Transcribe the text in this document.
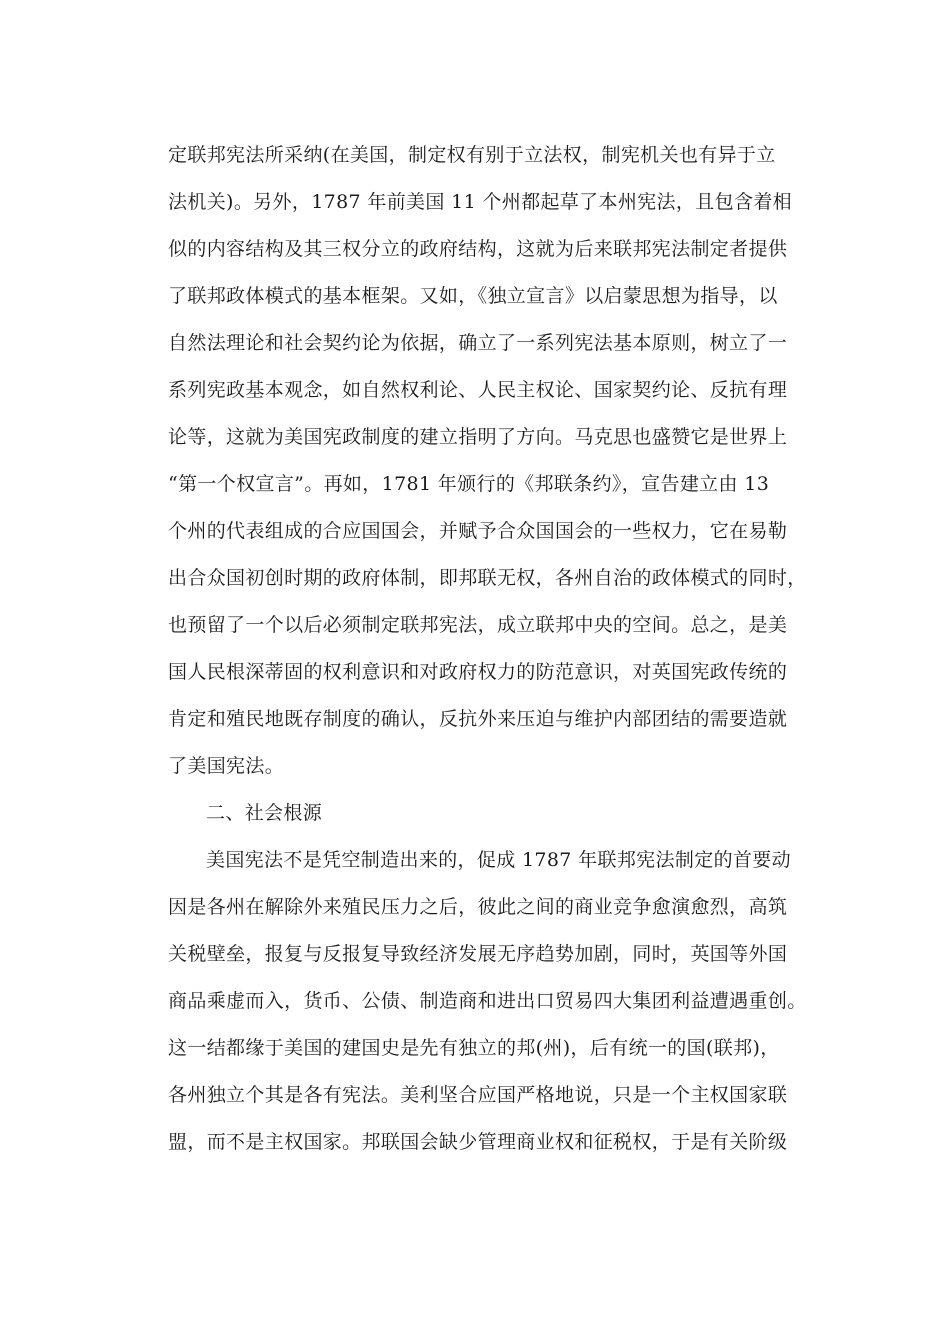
定联邦宪法所采纳(在美国，制定权有别于立法权，制宪机关也有异于立
法机关)。另外，1787 年前美国 11 个州都起草了本州宪法，且包含着相
似的内容结构及其三权分立的政府结构，这就为后来联邦宪法制定者提供
了联邦政体模式的基本框架。又如，《独立宣言》以启蒙思想为指导，以
自然法理论和社会契约论为依据，确立了一系列宪法基本原则，树立了一
系列宪政基本观念，如自然权利论、人民主权论、国家契约论、反抗有理
论等，这就为美国宪政制度的建立指明了方向。马克思也盛赞它是世界上
“第一个权宣言”。再如，1781 年颁行的《邦联条约》，宣告建立由 13
个州的代表组成的合应国国会，并赋予合众国国会的一些权力，它在易勒
出合众国初创时期的政府体制，即邦联无权，各州自治的政体模式的同时，
也预留了一个以后必须制定联邦宪法，成立联邦中央的空间。总之，是美
国人民根深蒂固的权利意识和对政府权力的防范意识，对英国宪政传统的
肯定和殖民地既存制度的确认，反抗外来压迫与维护内部团结的需要造就
了美国宪法。
二、社会根源
美国宪法不是凭空制造出来的，促成 1787 年联邦宪法制定的首要动
因是各州在解除外来殖民压力之后，彼此之间的商业竞争愈演愈烈，高筑
关税壁垒，报复与反报复导致经济发展无序趋势加剧，同时，英国等外国
商品乘虚而入，货币、公债、制造商和进出口贸易四大集团利益遭遇重创。
这一结都缘于美国的建国史是先有独立的邦(州)，后有统一的国(联邦)，
各州独立个其是各有宪法。美利坚合应国严格地说，只是一个主权国家联
盟，而不是主权国家。邦联国会缺少管理商业权和征税权，于是有关阶级
